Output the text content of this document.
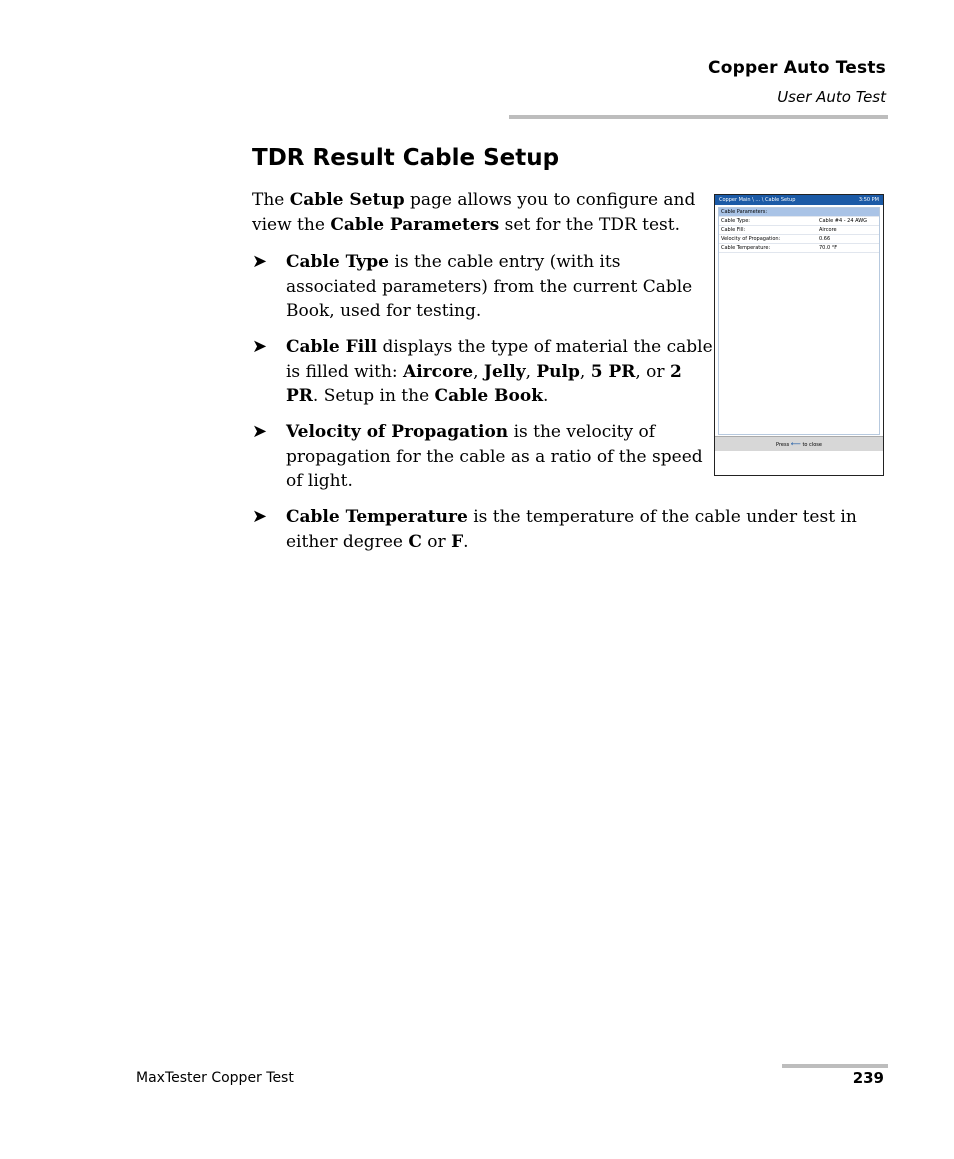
Copper Auto Tests
User Auto Test
TDR Result Cable Setup
The Cable Setup page allows you to configure and view the Cable Parameters set for the TDR test.
➤ Cable Type is the cable entry (with its associated parameters) from the current Cable Book, used for testing.
➤ Cable Fill displays the type of material the cable is filled with: Aircore, Jelly, Pulp, 5 PR, or 2 PR. Setup in the Cable Book.
➤ Velocity of Propagation is the velocity of propagation for the cable as a ratio of the speed of light.
➤ Cable Temperature is the temperature of the cable under test in either degree C or F.
Copper Main \ ... \ Cable Setup	3:50 PM
Cable Parameters:
Cable Type:	Cable #4 - 24 AWG
Cable Fill:	Aircore
Velocity of Propagation:	0.66
Cable Temperature:	70.0 °F
Press ⟵ to close
MaxTester Copper Test	239
